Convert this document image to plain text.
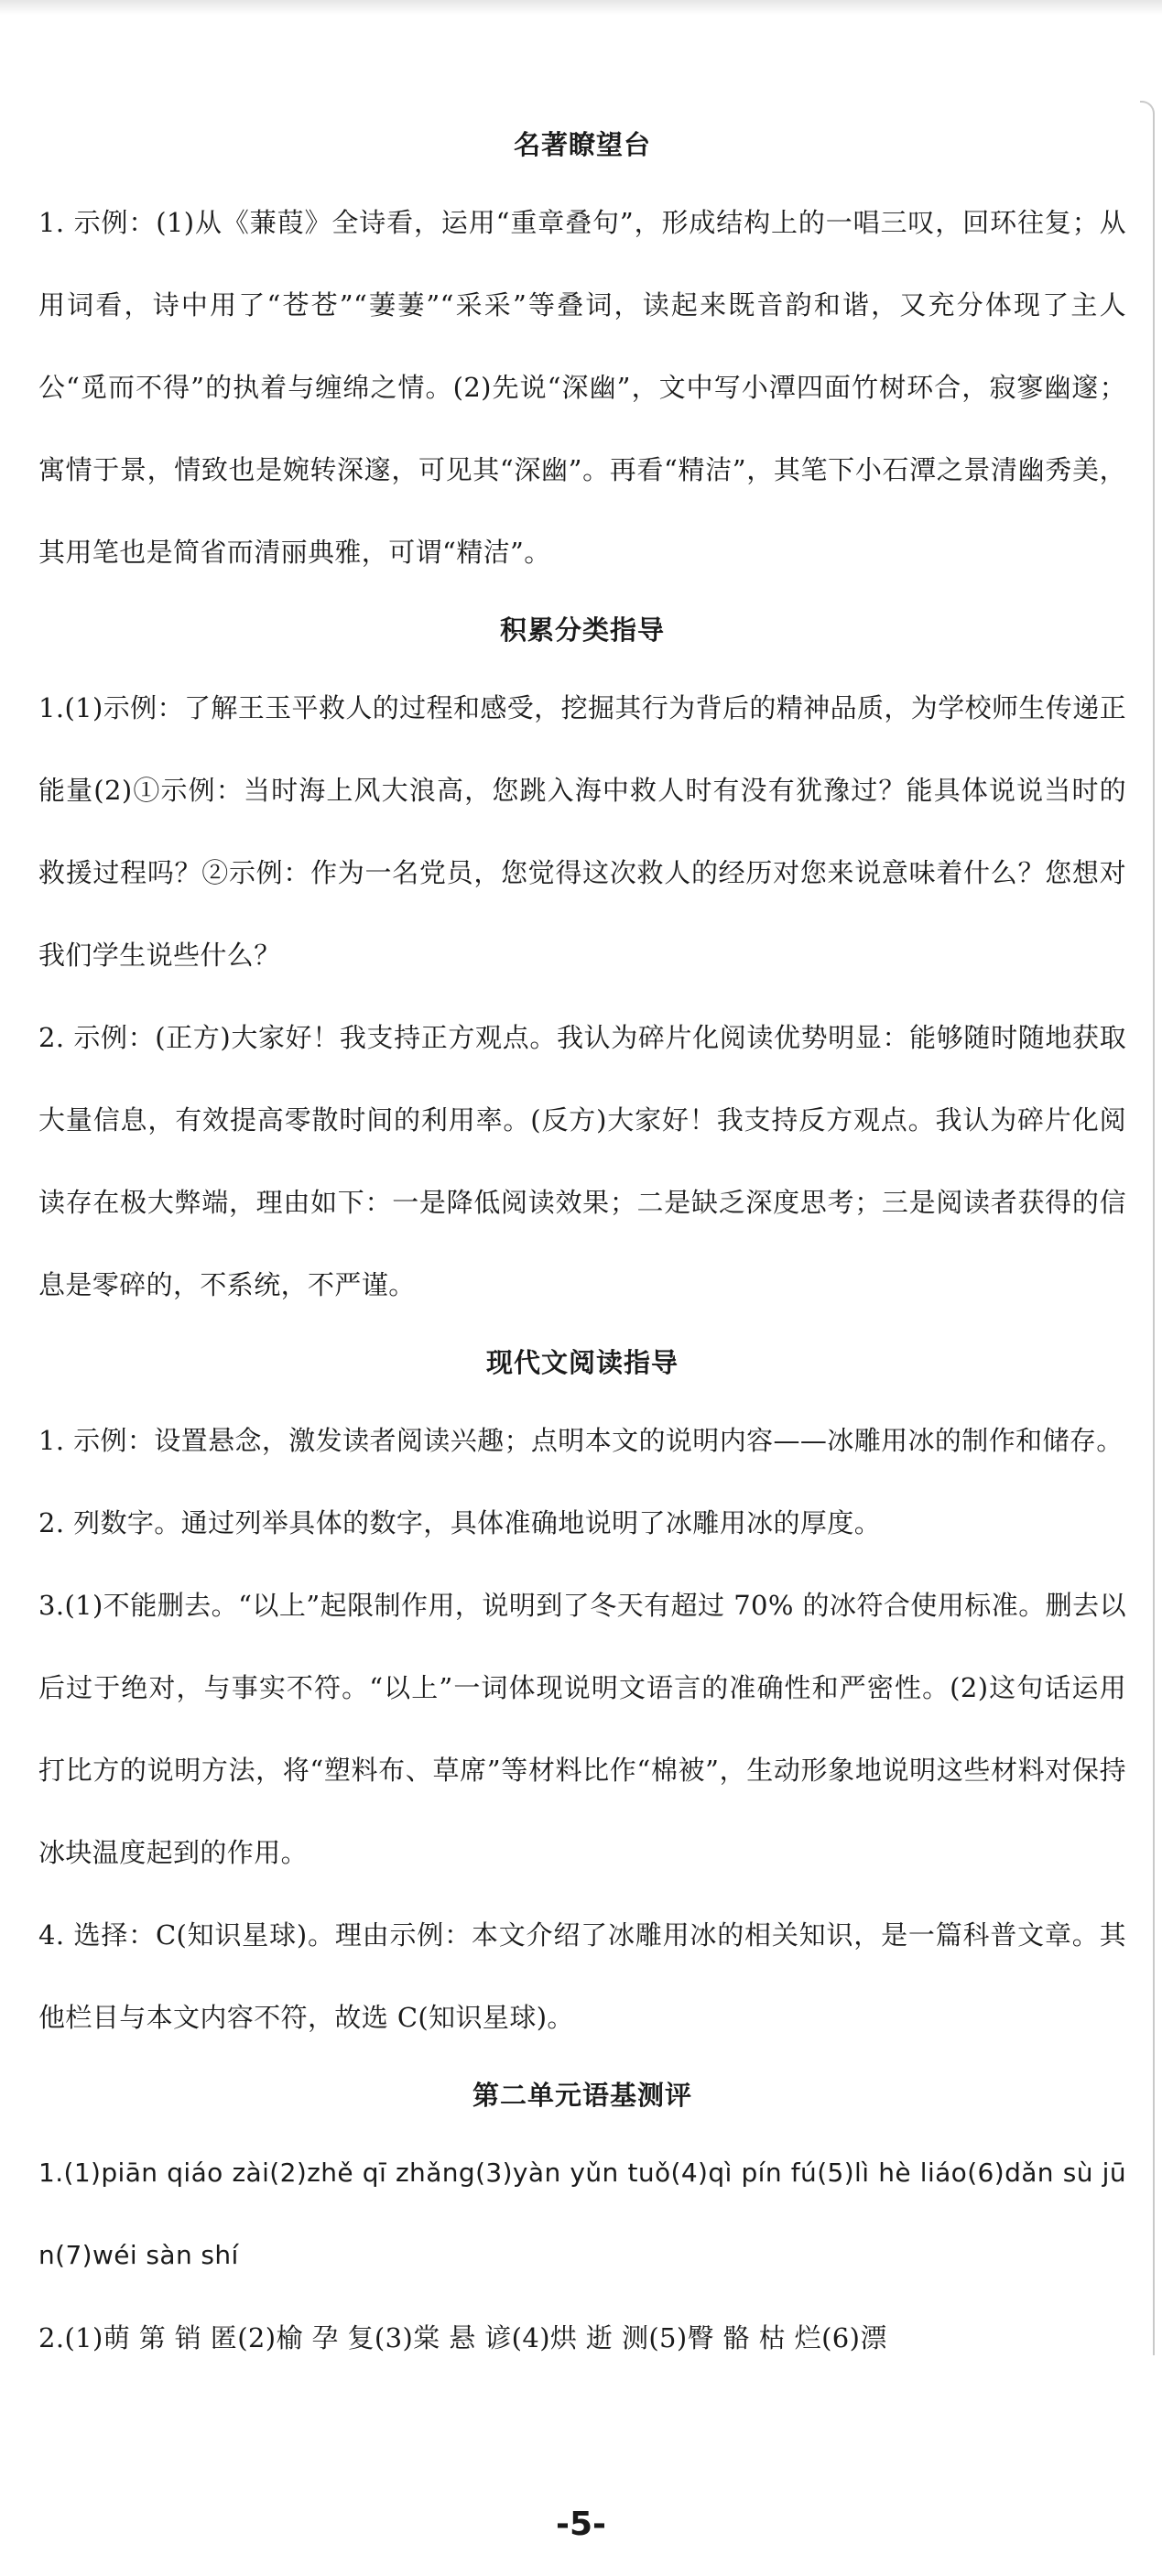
名著瞭望台

1. 示例：(1)从《蒹葭》全诗看，运用“重章叠句”，形成结构上的一唱三叹，回环往复；从用词看，诗中用了“苍苍”“萋萋”“采采”等叠词，读起来既音韵和谐，又充分体现了主人公“觅而不得”的执着与缠绵之情。(2)先说“深幽”，文中写小潭四面竹树环合，寂寥幽邃；寓情于景，情致也是婉转深邃，可见其“深幽”。再看“精洁”，其笔下小石潭之景清幽秀美，其用笔也是简省而清丽典雅，可谓“精洁”。

积累分类指导

1.(1)示例：了解王玉平救人的过程和感受，挖掘其行为背后的精神品质，为学校师生传递正能量(2)①示例：当时海上风大浪高，您跳入海中救人时有没有犹豫过？能具体说说当时的救援过程吗？②示例：作为一名党员，您觉得这次救人的经历对您来说意味着什么？您想对我们学生说些什么？

2. 示例：(正方)大家好！我支持正方观点。我认为碎片化阅读优势明显：能够随时随地获取大量信息，有效提高零散时间的利用率。(反方)大家好！我支持反方观点。我认为碎片化阅读存在极大弊端，理由如下：一是降低阅读效果；二是缺乏深度思考；三是阅读者获得的信息是零碎的，不系统，不严谨。

现代文阅读指导

1. 示例：设置悬念，激发读者阅读兴趣；点明本文的说明内容——冰雕用冰的制作和储存。

2. 列数字。通过列举具体的数字，具体准确地说明了冰雕用冰的厚度。

3.(1)不能删去。“以上”起限制作用，说明到了冬天有超过 70% 的冰符合使用标准。删去以后过于绝对，与事实不符。“以上”一词体现说明文语言的准确性和严密性。(2)这句话运用打比方的说明方法，将“塑料布、草席”等材料比作“棉被”，生动形象地说明这些材料对保持冰块温度起到的作用。

4. 选择：C(知识星球)。理由示例：本文介绍了冰雕用冰的相关知识，是一篇科普文章。其他栏目与本文内容不符，故选 C(知识星球)。

第二单元语基测评

1.(1)piān qiáo zài(2)zhě qī zhǎng(3)yàn yǔn tuǒ(4)qì pín fú(5)lì hè liáo(6)dǎn sù jūn(7)wéi sàn shí

2.(1)萌 第 销 匿(2)榆 孕 复(3)棠 悬 谚(4)烘 逝 测(5)臀 骼 枯 烂(6)漂

-5-
